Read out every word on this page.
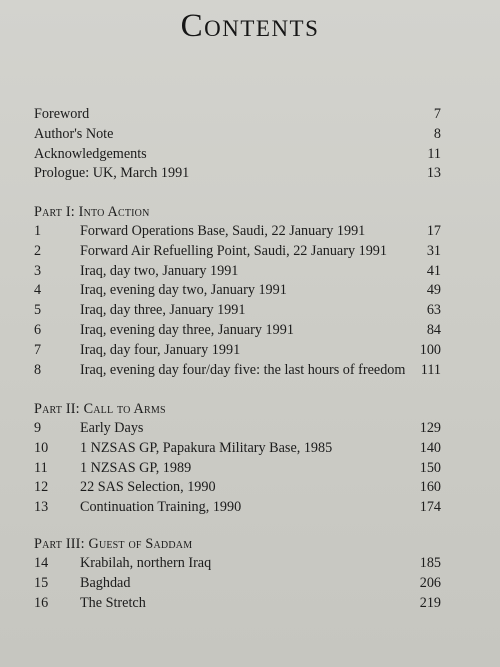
Contents
Foreword	7
Author's Note	8
Acknowledgements	11
Prologue: UK, March 1991	13
Part I: Into Action
1	Forward Operations Base, Saudi, 22 January 1991	17
2	Forward Air Refuelling Point, Saudi, 22 January 1991	31
3	Iraq, day two, January 1991	41
4	Iraq, evening day two, January 1991	49
5	Iraq, day three, January 1991	63
6	Iraq, evening day three, January 1991	84
7	Iraq, day four, January 1991	100
8	Iraq, evening day four/day five: the last hours of freedom	111
Part II: Call to Arms
9	Early Days	129
10	1 NZSAS GP, Papakura Military Base, 1985	140
11	1 NZSAS GP, 1989	150
12	22 SAS Selection, 1990	160
13	Continuation Training, 1990	174
Part III: Guest of Saddam
14	Krabilah, northern Iraq	185
15	Baghdad	206
16	The Stretch	219
